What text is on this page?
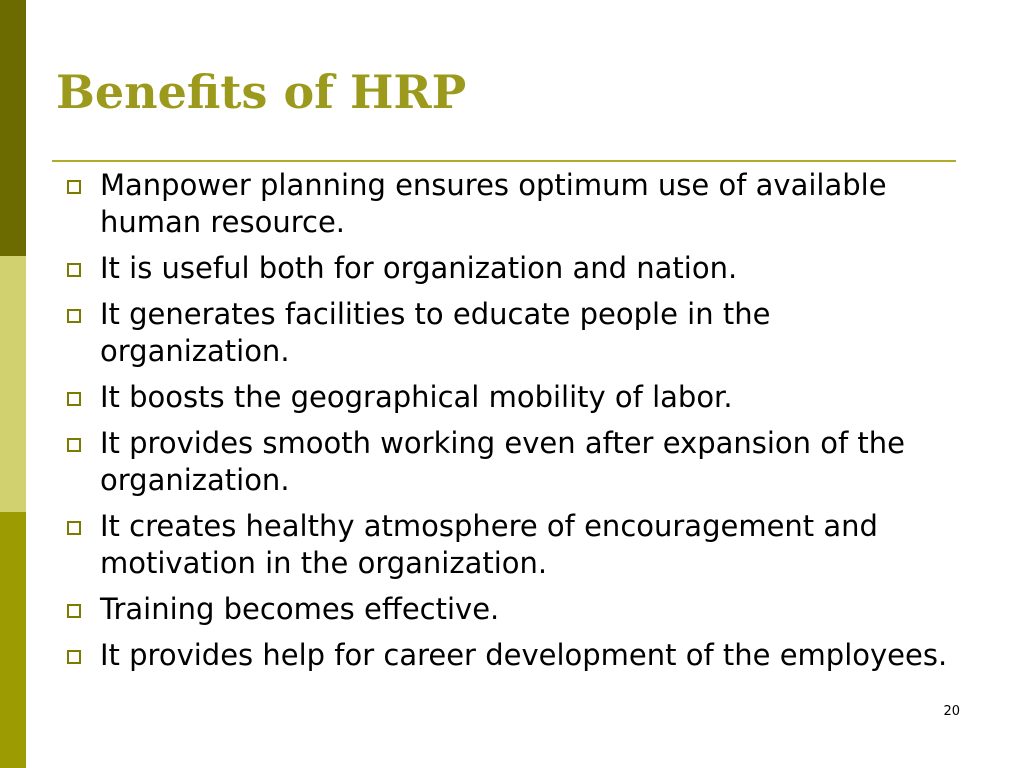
Benefits of HRP
Manpower planning ensures optimum use of available human resource.
It is useful both for organization and nation.
It generates facilities to educate people in the organization.
It boosts the geographical mobility of labor.
It provides smooth working even after expansion of the organization.
It creates healthy atmosphere of encouragement and motivation in the organization.
Training becomes effective.
It provides help for career development of the employees.
20
